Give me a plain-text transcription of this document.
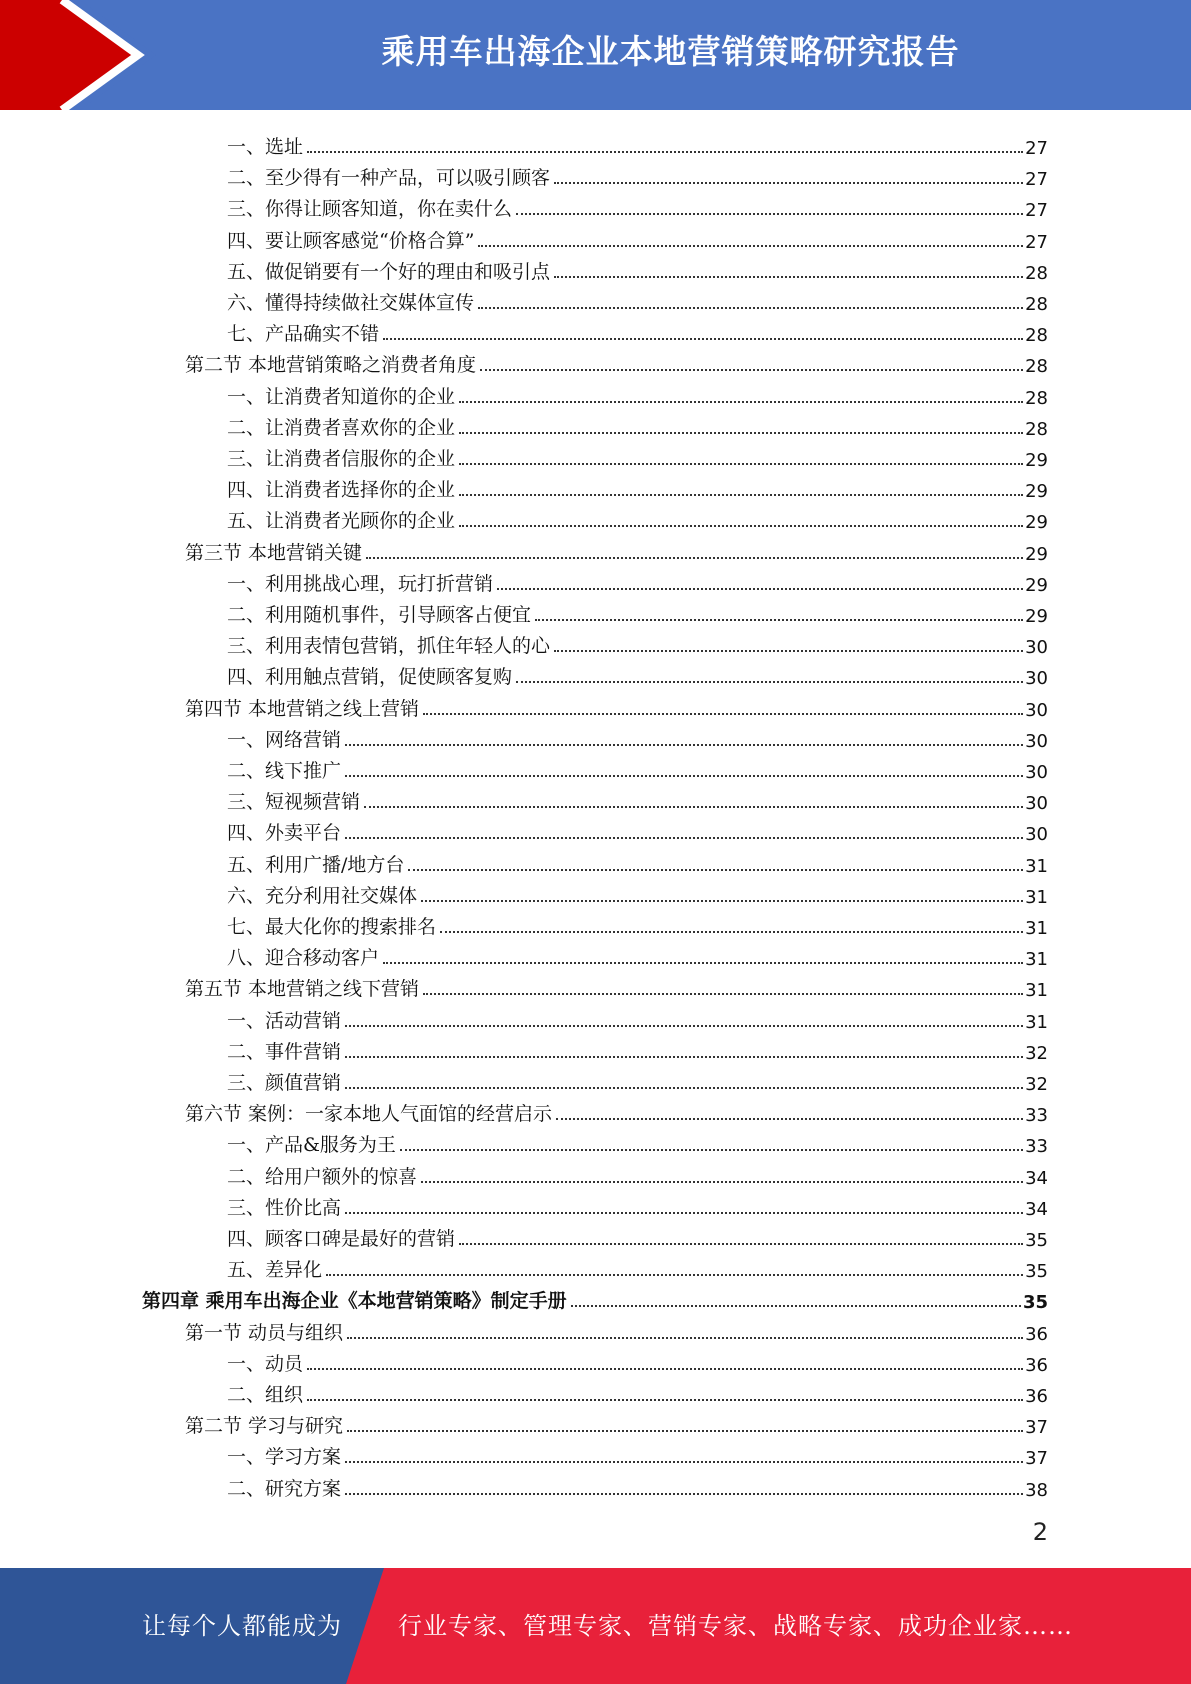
乘用车出海企业本地营销策略研究报告
一、选址	27
二、至少得有一种产品，可以吸引顾客	27
三、你得让顾客知道，你在卖什么	27
四、要让顾客感觉“价格合算”	27
五、做促销要有一个好的理由和吸引点	28
六、懂得持续做社交媒体宣传	28
七、产品确实不错	28
第二节 本地营销策略之消费者角度	28
一、让消费者知道你的企业	28
二、让消费者喜欢你的企业	28
三、让消费者信服你的企业	29
四、让消费者选择你的企业	29
五、让消费者光顾你的企业	29
第三节 本地营销关键	29
一、利用挑战心理，玩打折营销	29
二、利用随机事件，引导顾客占便宜	29
三、利用表情包营销，抓住年轻人的心	30
四、利用触点营销，促使顾客复购	30
第四节 本地营销之线上营销	30
一、网络营销	30
二、线下推广	30
三、短视频营销	30
四、外卖平台	30
五、利用广播/地方台	31
六、充分利用社交媒体	31
七、最大化你的搜索排名	31
八、迎合移动客户	31
第五节 本地营销之线下营销	31
一、活动营销	31
二、事件营销	32
三、颜值营销	32
第六节 案例：一家本地人气面馆的经营启示	33
一、产品&服务为王	33
二、给用户额外的惊喜	34
三、性价比高	34
四、顾客口碑是最好的营销	35
五、差异化	35
第四章 乘用车出海企业《本地营销策略》制定手册	35
第一节 动员与组织	36
一、动员	36
二、组织	36
第二节 学习与研究	37
一、学习方案	37
二、研究方案	38
2
让每个人都能成为 行业专家、管理专家、营销专家、战略专家、成功企业家……
